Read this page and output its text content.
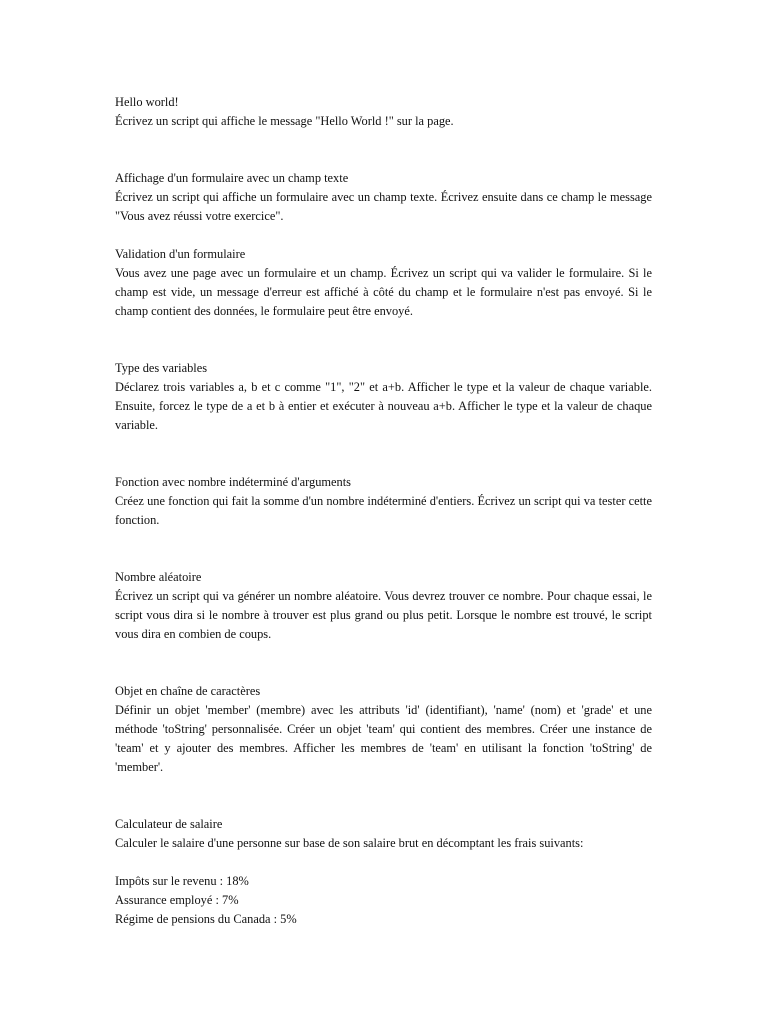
Hello world!
Écrivez un script qui affiche le message "Hello World !" sur la page.
Affichage d'un formulaire avec un champ texte
Écrivez un script qui affiche un formulaire avec un champ texte. Écrivez ensuite dans ce champ le message "Vous avez réussi votre exercice".
Validation d'un formulaire
Vous avez une page avec un formulaire et un champ. Écrivez un script qui va valider le formulaire. Si le champ est vide, un message d'erreur est affiché à côté du champ et le formulaire n'est pas envoyé. Si le champ contient des données, le formulaire peut être envoyé.
Type des variables
Déclarez trois variables a, b et c comme "1", "2" et a+b. Afficher le type et la valeur de chaque variable. Ensuite, forcez le type de a et b à entier et exécuter à nouveau a+b. Afficher le type et la valeur de chaque variable.
Fonction avec nombre indéterminé d'arguments
Créez une fonction qui fait la somme d'un nombre indéterminé d'entiers. Écrivez un script qui va tester cette fonction.
Nombre aléatoire
Écrivez un script qui va générer un nombre aléatoire. Vous devrez trouver ce nombre. Pour chaque essai, le script vous dira si le nombre à trouver est plus grand ou plus petit. Lorsque le nombre est trouvé, le script vous dira en combien de coups.
Objet en chaîne de caractères
Définir un objet 'member' (membre) avec les attributs 'id' (identifiant), 'name' (nom) et 'grade' et une méthode 'toString' personnalisée. Créer un objet 'team' qui contient des membres. Créer une instance de 'team' et y ajouter des membres. Afficher les membres de 'team' en utilisant la fonction 'toString' de 'member'.
Calculateur de salaire
Calculer le salaire d'une personne sur base de son salaire brut en décomptant les frais suivants:
Impôts sur le revenu : 18%
Assurance employé : 7%
Régime de pensions du Canada : 5%
